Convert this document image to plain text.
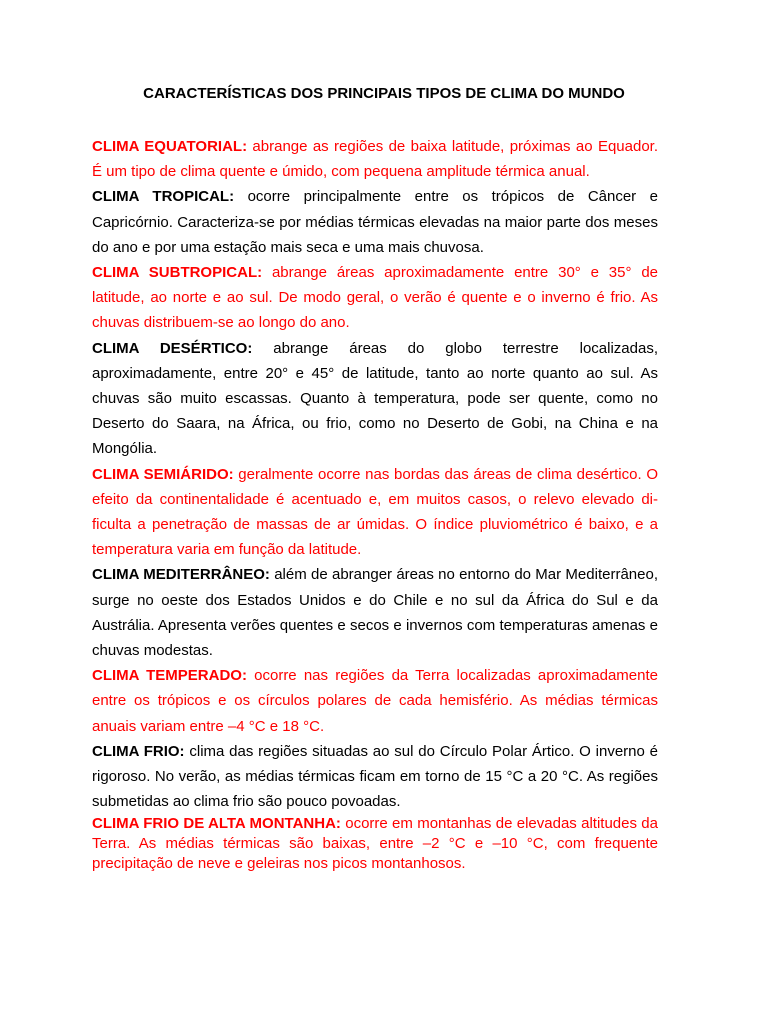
CARACTERÍSTICAS DOS PRINCIPAIS TIPOS DE CLIMA DO MUNDO

CLIMA EQUATORIAL: abrange as regiões de baixa latitude, próximas ao Equador. É um tipo de clima quente e úmido, com pequena amplitude térmica anual.

CLIMA TROPICAL: ocorre principalmente entre os trópicos de Câncer e Capricórnio. Caracteriza-se por médias térmicas elevadas na maior parte dos meses do ano e por uma estação mais seca e uma mais chuvosa.

CLIMA SUBTROPICAL: abrange áreas aproximadamente entre 30° e 35° de latitude, ao norte e ao sul. De modo geral, o verão é quente e o inverno é frio. As chuvas distribuem-se ao longo do ano.

CLIMA DESÉRTICO: abrange áreas do globo terrestre localizadas, aproximadamente, entre 20° e 45° de latitude, tanto ao norte quanto ao sul. As chuvas são muito escassas. Quanto à temperatura, pode ser quente, como no Deserto do Saara, na África, ou frio, como no Deserto de Gobi, na China e na Mongólia.

CLIMA SEMIÁRIDO: geralmente ocorre nas bordas das áreas de clima desértico. O efeito da continentalidade é acentuado e, em muitos casos, o relevo elevado di-ficulta a penetração de massas de ar úmidas. O índice pluviométrico é baixo, e a temperatura varia em função da latitude.

CLIMA MEDITERRÂNEO: além de abranger áreas no entorno do Mar Mediterrâneo, surge no oeste dos Estados Unidos e do Chile e no sul da África do Sul e da Austrália. Apresenta verões quentes e secos e invernos com temperaturas amenas e chuvas modestas.

CLIMA TEMPERADO: ocorre nas regiões da Terra localizadas aproximadamente entre os trópicos e os círculos polares de cada hemisfério. As médias térmicas anuais variam entre –4 °C e 18 °C.

CLIMA FRIO: clima das regiões situadas ao sul do Círculo Polar Ártico. O inverno é rigoroso. No verão, as médias térmicas ficam em torno de 15 °C a 20 °C. As regiões submetidas ao clima frio são pouco povoadas.

CLIMA FRIO DE ALTA MONTANHA: ocorre em montanhas de elevadas altitudes da Terra. As médias térmicas são baixas, entre –2 °C e –10 °C, com frequente precipitação de neve e geleiras nos picos montanhosos.
